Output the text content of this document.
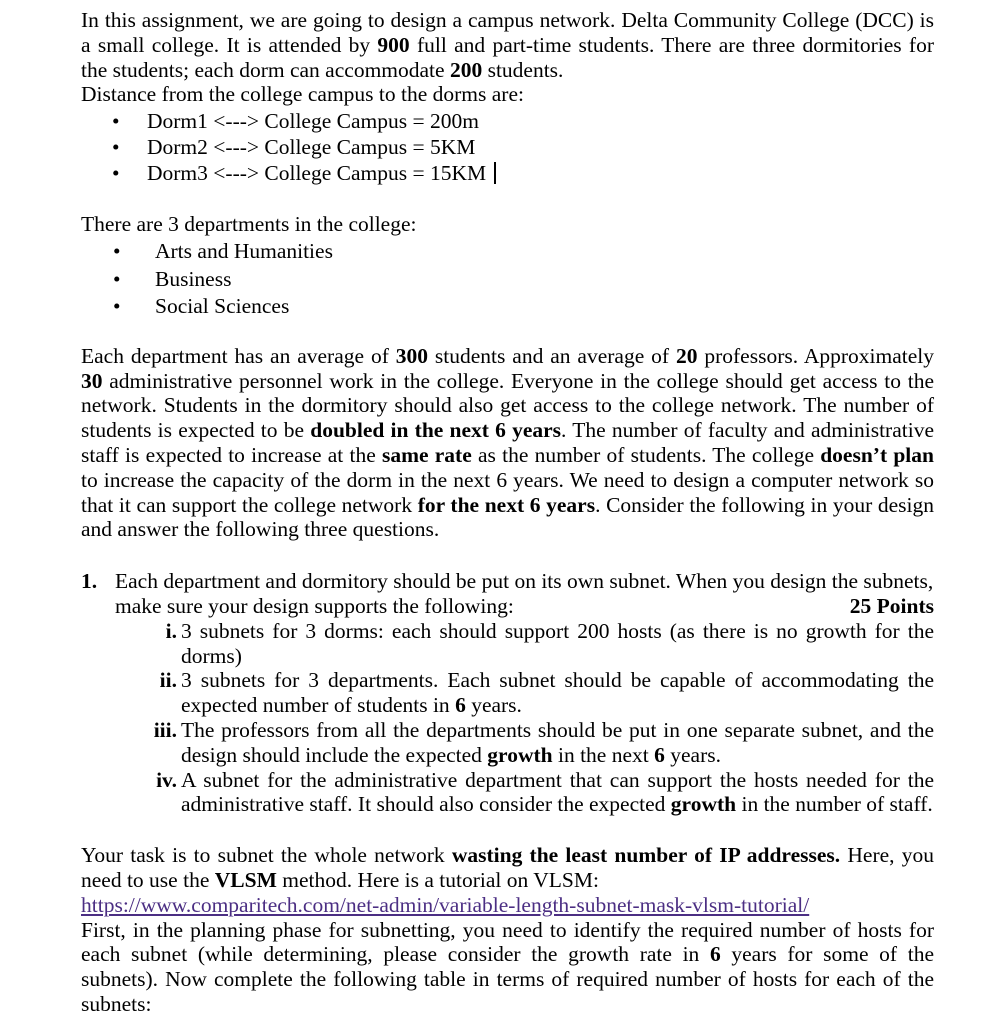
In this assignment, we are going to design a campus network. Delta Community College (DCC) is a small college. It is attended by 900 full and part-time students. There are three dormitories for the students; each dorm can accommodate 200 students.

Distance from the college campus to the dorms are:
• Dorm1 <---> College Campus = 200m
• Dorm2 <---> College Campus = 5KM
• Dorm3 <---> College Campus = 15KM
There are 3 departments in the college:
• Arts and Humanities
• Business
• Social Sciences

Each department has an average of 300 students and an average of 20 professors. Approximately 30 administrative personnel work in the college. Everyone in the college should get access to the network. Students in the dormitory should also get access to the college network. The number of students is expected to be doubled in the next 6 years. The number of faculty and administrative staff is expected to increase at the same rate as the number of students. The college doesn’t plan to increase the capacity of the dorm in the next 6 years. We need to design a computer network so that it can support the college network for the next 6 years. Consider the following in your design and answer the following three questions.

1. Each department and dormitory should be put on its own subnet. When you design the subnets,
make sure your design supports the following:	25 Points
i. 3 subnets for 3 dorms: each should support 200 hosts (as there is no growth for the dorms)
ii. 3 subnets for 3 departments. Each subnet should be capable of accommodating the expected number of students in 6 years.
iii. The professors from all the departments should be put in one separate subnet, and the design should include the expected growth in the next 6 years.
iv. A subnet for the administrative department that can support the hosts needed for the administrative staff. It should also consider the expected growth in the number of staff.

Your task is to subnet the whole network wasting the least number of IP addresses. Here, you need to use the VLSM method. Here is a tutorial on VLSM:

https://www.comparitech.com/net-admin/variable-length-subnet-mask-vlsm-tutorial/

First, in the planning phase for subnetting, you need to identify the required number of hosts for each subnet (while determining, please consider the growth rate in 6 years for some of the subnets). Now complete the following table in terms of required number of hosts for each of the subnets:
